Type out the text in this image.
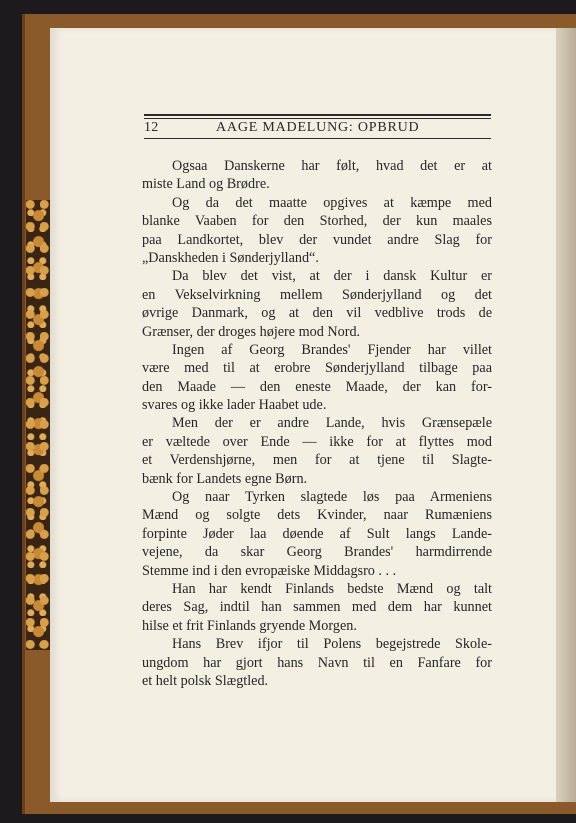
12	AAGE MADELUNG: OPBRUD
Ogsaa Danskerne har følt, hvad det er at
miste Land og Brødre.
Og da det maatte opgives at kæmpe med
blanke Vaaben for den Storhed, der kun maales
paa Landkortet, blev der vundet andre Slag for
„Danskheden i Sønderjylland“.
Da blev det vist, at der i dansk Kultur er
en Vekselvirkning mellem Sønderjylland og det
øvrige Danmark, og at den vil vedblive trods de
Grænser, der droges højere mod Nord.
Ingen af Georg Brandes' Fjender har villet
være med til at erobre Sønderjylland tilbage paa
den Maade — den eneste Maade, der kan for-
svares og ikke lader Haabet ude.
Men der er andre Lande, hvis Grænsepæle
er væltede over Ende — ikke for at flyttes mod
et Verdenshjørne, men for at tjene til Slagte-
bænk for Landets egne Børn.
Og naar Tyrken slagtede løs paa Armeniens
Mænd og solgte dets Kvinder, naar Rumæniens
forpinte Jøder laa døende af Sult langs Lande-
vejene, da skar Georg Brandes' harmdirrende
Stemme ind i den evropæiske Middagsro . . .
Han har kendt Finlands bedste Mænd og talt
deres Sag, indtil han sammen med dem har kunnet
hilse et frit Finlands gryende Morgen.
Hans Brev ifjor til Polens begejstrede Skole-
ungdom har gjort hans Navn til en Fanfare for
et helt polsk Slægtled.
